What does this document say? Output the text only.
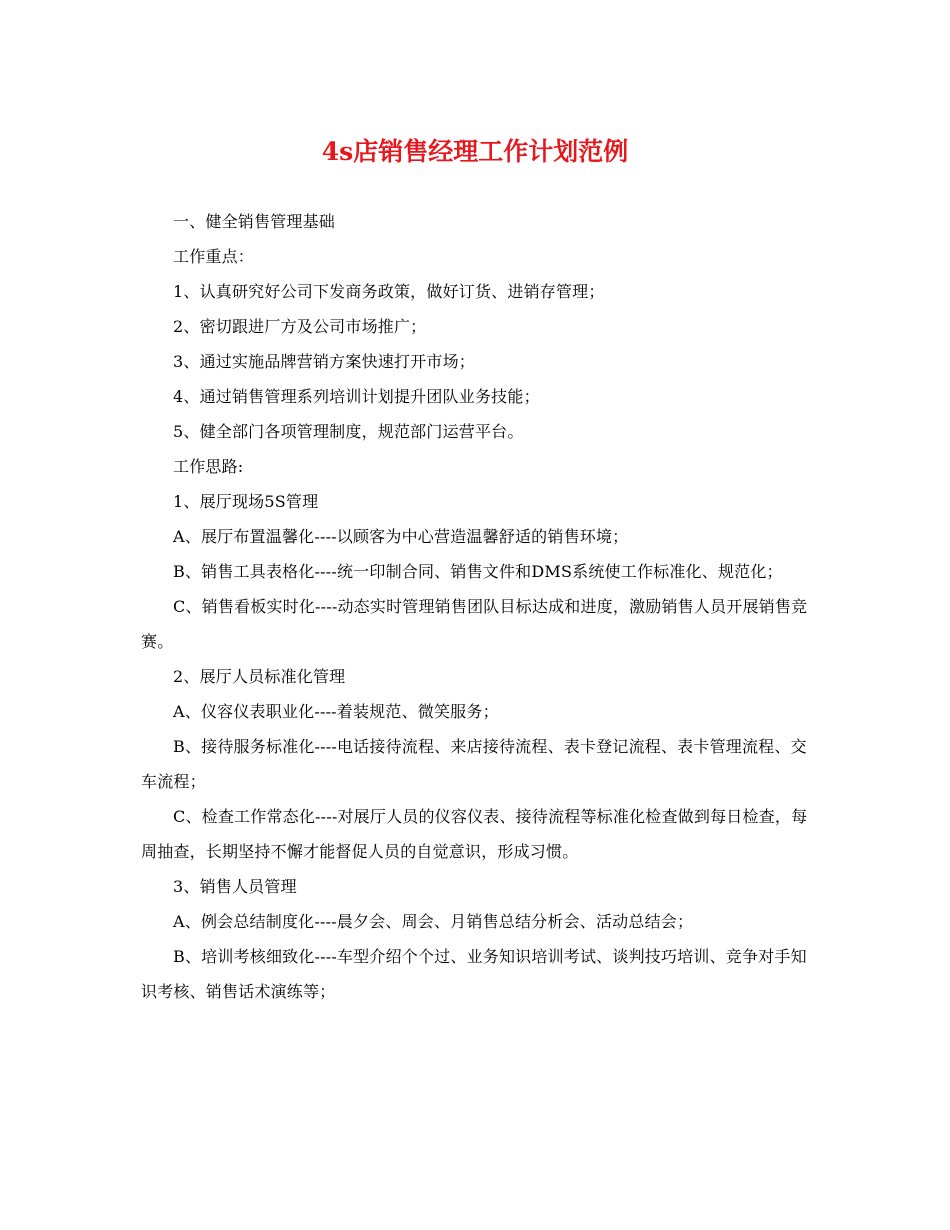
4s店销售经理工作计划范例

一、健全销售管理基础

工作重点：

1、认真研究好公司下发商务政策，做好订货、进销存管理；

2、密切跟进厂方及公司市场推广；

3、通过实施品牌营销方案快速打开市场；

4、通过销售管理系列培训计划提升团队业务技能；

5、健全部门各项管理制度，规范部门运营平台。

工作思路:

1、展厅现场5S管理

A、展厅布置温馨化----以顾客为中心营造温馨舒适的销售环境；

B、销售工具表格化----统一印制合同、销售文件和DMS系统使工作标准化、规范化；

C、销售看板实时化----动态实时管理销售团队目标达成和进度，激励销售人员开展销售竞赛。

2、展厅人员标准化管理

A、仪容仪表职业化----着装规范、微笑服务；

B、接待服务标准化----电话接待流程、来店接待流程、表卡登记流程、表卡管理流程、交车流程；

C、检查工作常态化----对展厅人员的仪容仪表、接待流程等标准化检查做到每日检查，每周抽查，长期坚持不懈才能督促人员的自觉意识，形成习惯。

3、销售人员管理

A、例会总结制度化----晨夕会、周会、月销售总结分析会、活动总结会；

B、培训考核细致化----车型介绍个个过、业务知识培训考试、谈判技巧培训、竞争对手知识考核、销售话术演练等；
